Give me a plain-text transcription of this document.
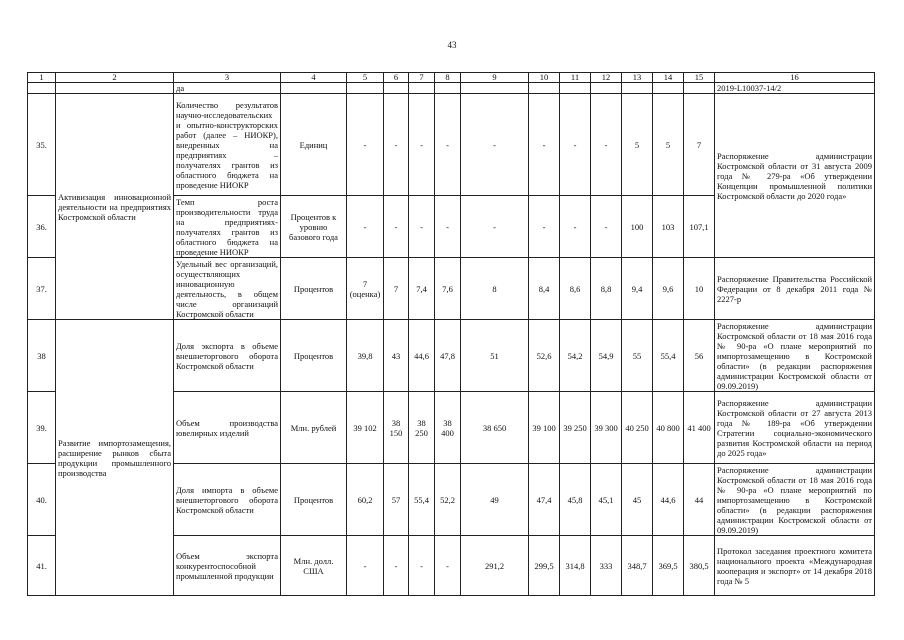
43
1	2	3	4	5	6	7	8	9	10	11	12	13	14	15	16
		да													2019-L10037-14/2
35.	Активизация инновационной деятельности на предприятиях Костромской области	Количество результатов научно-исследовательских и опытно-конструкторских работ (далее – НИОКР), внедренных на предприятиях – получателях грантов из областного бюджета на проведение НИОКР	Единиц	-	-	-	-	-	-	-	-	5	5	7	Распоряжение администрации Костромской области от 31 августа 2009 года № 279-ра «Об утверждении Концепции промышленной политики Костромской области до 2020 года»
36.		Темп роста производительности труда на предприятиях-получателях грантов из областного бюджета на проведение НИОКР	Процентов к уровню базового года	-	-	-	-	-	-	-	-	100	103	107,1	
37.		Удельный вес организаций, осуществляющих инновационную деятельность, в общем числе организаций Костромской области	Процентов	7 (оценка)	7	7,4	7,6	8	8,4	8,6	8,8	9,4	9,6	10	Распоряжение Правительства Российской Федерации от 8 декабря 2011 года № 2227-р
38	Развитие импортозамещения, расширение рынков сбыта продукции промышленного производства	Доля экспорта в объеме внешнеторгового оборота Костромской области	Процентов	39,8	43	44,6	47,8	51	52,6	54,2	54,9	55	55,4	56	Распоряжение администрации Костромской области от 18 мая 2016 года № 90-ра «О плане мероприятий по импортозамещению в Костромской области» (в редакции распоряжения администрации Костромской области от 09.09.2019)
39.		Объем производства ювелирных изделий	Млн. рублей	39 102	38 150	38 250	38 400	38 650	39 100	39 250	39 300	40 250	40 800	41 400	Распоряжение администрации Костромской области от 27 августа 2013 года № 189-ра «Об утверждении Стратегии социально-экономического развития Костромской области на период до 2025 года»
40.		Доля импорта в объеме внешнеторгового оборота Костромской области	Процентов	60,2	57	55,4	52,2	49	47,4	45,8	45,1	45	44,6	44	Распоряжение администрации Костромской области от 18 мая 2016 года № 90-ра «О плане мероприятий по импортозамещению в Костромской области» (в редакции распоряжения администрации Костромской области от 09.09.2019)
41.		Объем экспорта конкурентоспособной промышленной продукции	Млн. долл. США	-	-	-	-	291,2	299,5	314,8	333	348,7	369,5	380,5	Протокол заседания проектного комитета национального проекта «Международная кооперация и экспорт» от 14 декабря 2018 года № 5
